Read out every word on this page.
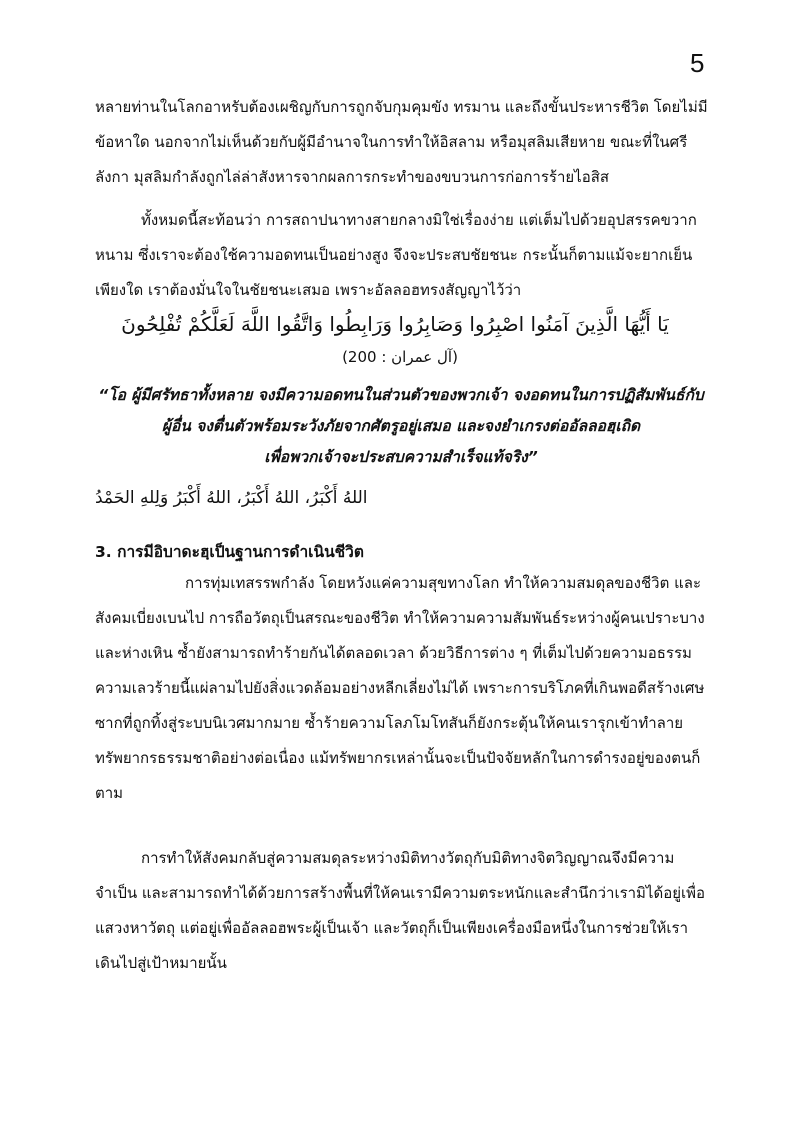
5

หลายท่านในโลกอาหรับต้องเผชิญกับการถูกจับกุมคุมขัง ทรมาน และถึงขั้นประหารชีวิต โดยไม่มี
ข้อหาใด นอกจากไม่เห็นด้วยกับผู้มีอำนาจในการทำให้อิสลาม หรือมุสลิมเสียหาย ขณะที่ในศรี
ลังกา มุสลิมกำลังถูกไล่ล่าสังหารจากผลการกระทำของขบวนการก่อการร้ายไอสิส

ทั้งหมดนี้สะท้อนว่า การสถาปนาทางสายกลางมิใช่เรื่องง่าย แต่เต็มไปด้วยอุปสรรคขวาก
หนาม ซึ่งเราจะต้องใช้ความอดทนเป็นอย่างสูง จึงจะประสบชัยชนะ กระนั้นก็ตามแม้จะยากเย็น
เพียงใด เราต้องมั่นใจในชัยชนะเสมอ เพราะอัลลอฮทรงสัญญาไว้ว่า

يَا أَيُّهَا الَّذِينَ آمَنُوا اصْبِرُوا وَصَابِرُوا وَرَابِطُوا وَاتَّقُوا اللَّهَ لَعَلَّكُمْ تُفْلِحُونَ
(آل عمران : 200)

“โอ ผู้มีศรัทธาทั้งหลาย จงมีความอดทนในส่วนตัวของพวกเจ้า จงอดทนในการปฏิสัมพันธ์กับ
ผู้อื่น จงตื่นตัวพร้อมระวังภัยจากศัตรูอยู่เสมอ และจงยำเกรงต่ออัลลอฮฺเถิด
เพื่อพวกเจ้าจะประสบความสำเร็จแท้จริง”

اللهُ أَكْبَرُ، اللهُ أَكْبَرُ، اللهُ أَكْبَرُ وَلِلهِ الحَمْدُ
3. การมีอิบาดะฮฺเป็นฐานการดำเนินชีวิต

การทุ่มเทสรรพกำลัง โดยหวังแค่ความสุขทางโลก ทำให้ความสมดุลของชีวิต และ
สังคมเบี่ยงเบนไป การถือวัตถุเป็นสรณะของชีวิต ทำให้ความความสัมพันธ์ระหว่างผู้คนเปราะบาง
และห่างเหิน ซ้ำยังสามารถทำร้ายกันได้ตลอดเวลา ด้วยวิธีการต่าง ๆ ที่เต็มไปด้วยความอธรรม
ความเลวร้ายนี้แผ่ลามไปยังสิ่งแวดล้อมอย่างหลีกเลี่ยงไม่ได้ เพราะการบริโภคที่เกินพอดีสร้างเศษ
ซากที่ถูกทิ้งสู่ระบบนิเวศมากมาย ซ้ำร้ายความโลภโมโทสันก็ยังกระตุ้นให้คนเรารุกเข้าทำลาย
ทรัพยากรธรรมชาติอย่างต่อเนื่อง แม้ทรัพยากรเหล่านั้นจะเป็นปัจจัยหลักในการดำรงอยู่ของตนก็
ตาม

การทำให้สังคมกลับสู่ความสมดุลระหว่างมิติทางวัตถุกับมิติทางจิตวิญญาณจึงมีความ
จำเป็น และสามารถทำได้ด้วยการสร้างพื้นที่ให้คนเรามีความตระหนักและสำนึกว่าเรามิได้อยู่เพื่อ
แสวงหาวัตถุ แต่อยู่เพื่ออัลลอฮพระผู้เป็นเจ้า และวัตถุก็เป็นเพียงเครื่องมือหนึ่งในการช่วยให้เรา
เดินไปสู่เป้าหมายนั้น
